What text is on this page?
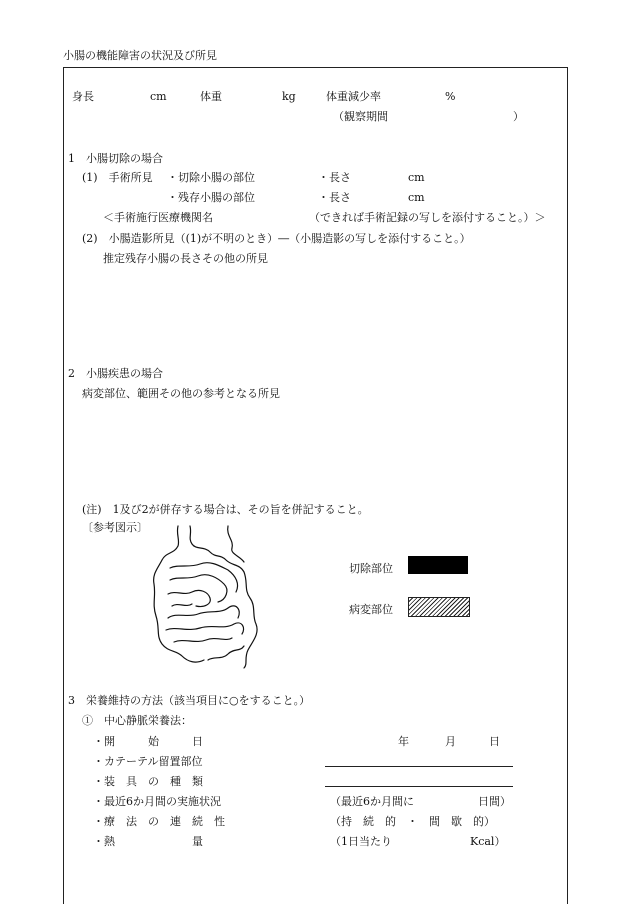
小腸の機能障害の状況及び所見
身長	cm	体重	kg	体重減少率	%
（観察期間	）
1　小腸切除の場合
(1)　手術所見 ・切除小腸の部位	・長さ	cm
・残存小腸の部位	・長さ	cm
＜手術施行医療機関名	（できれば手術記録の写しを添付すること。）＞
(2)　小腸造影所見（(1)が不明のとき）―（小腸造影の写しを添付すること。）
推定残存小腸の長さその他の所見
2　小腸疾患の場合
病変部位、範囲その他の参考となる所見
(注)　1及び2が併存する場合は、その旨を併記すること。
〔参考図示〕
切除部位
病変部位
3　栄養維持の方法（該当項目に○をすること。）
①　中心静脈栄養法：
・開　　　始　　　日	年	月	日
・カテーテル留置部位
・装　具　の　種　類
・最近6か月間の実施状況	（最近6か月間に	日間）
・療　法　の　連　続　性	（持　続　的　・　間　歇　的）
・熱　　　　　　　量	（1日当たり	Kcal）
